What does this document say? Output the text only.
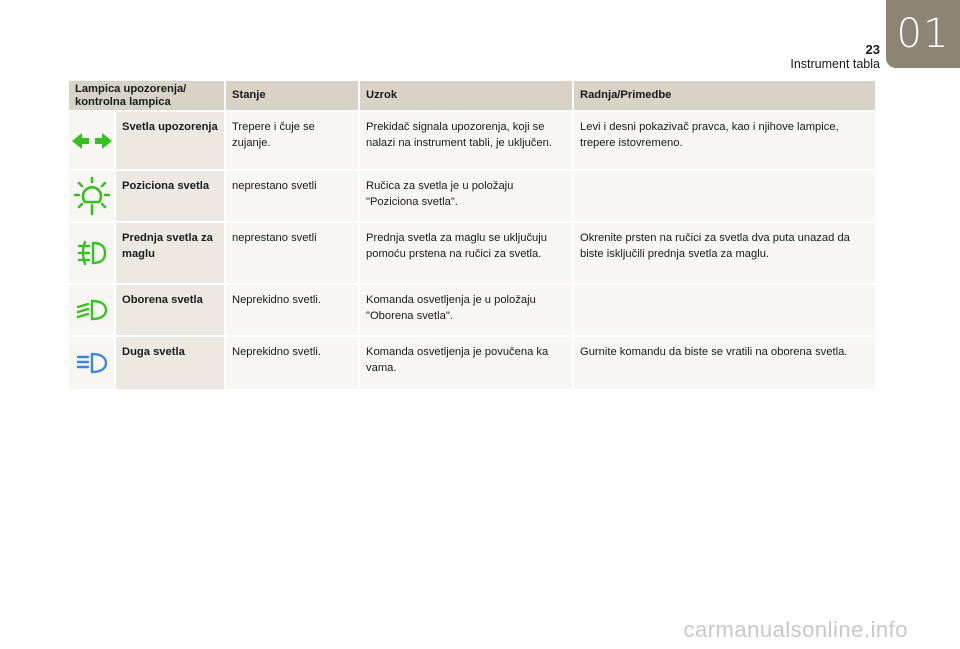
23
Instrument tabla
01
Lampica upozorenja/
kontrolna lampica		Stanje	Uzrok	Radnja/Primedbe

	Svetla upozorenja	Trepere i čuje se zujanje.	Prekidač signala upozorenja, koji se nalazi na instrument tabli, je uključen.	Levi i desni pokazivač pravca, kao i njihove lampice, trepere istovremeno.

	Poziciona svetla	neprestano svetli	Ručica za svetla je u položaju "Poziciona svetla".	

	Prednja svetla za maglu	neprestano svetli	Prednja svetla za maglu se uključuju pomoću prstena na ručici za svetla.	Okrenite prsten na ručici za svetla dva puta unazad da biste isključili prednja svetla za maglu.

	Oborena svetla	Neprekidno svetli.	Komanda osvetljenja je u položaju "Oborena svetla".	

	Duga svetla	Neprekidno svetli.	Komanda osvetljenja je povučena ka vama.	Gurnite komandu da biste se vratili na oborena svetla.
carmanualsonline.info
